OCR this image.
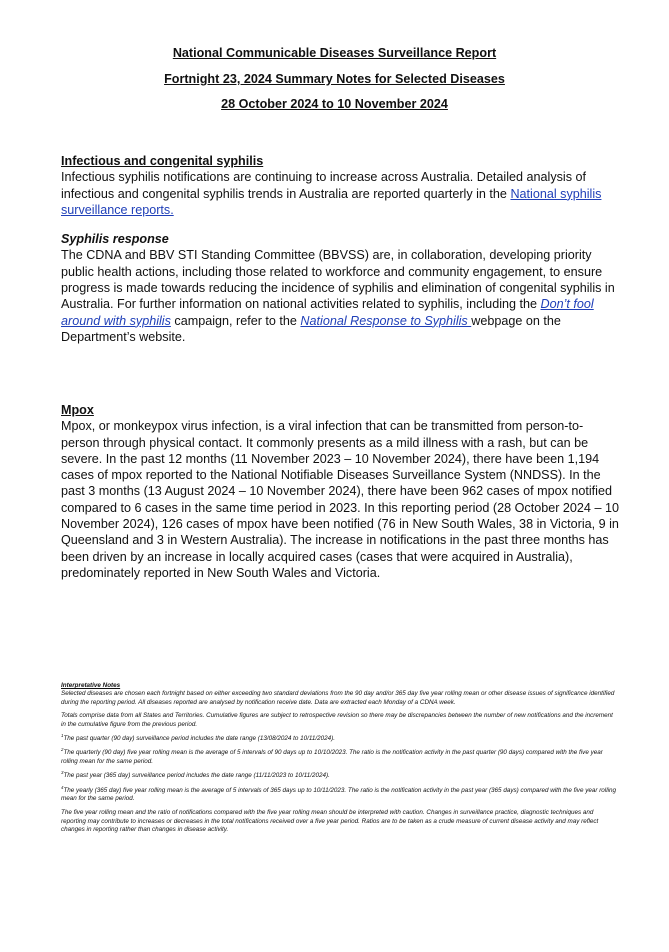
National Communicable Diseases Surveillance Report
Fortnight 23, 2024 Summary Notes for Selected Diseases
28 October 2024 to 10 November 2024
Infectious and congenital syphilis

Infectious syphilis notifications are continuing to increase across Australia. Detailed analysis of infectious and congenital syphilis trends in Australia are reported quarterly in the National syphilis surveillance reports.

Syphilis response

The CDNA and BBV STI Standing Committee (BBVSS) are, in collaboration, developing priority public health actions, including those related to workforce and community engagement, to ensure progress is made towards reducing the incidence of syphilis and elimination of congenital syphilis in Australia. For further information on national activities related to syphilis, including the Don’t fool around with syphilis campaign, refer to the National Response to Syphilis webpage on the Department’s website.

Mpox

Mpox, or monkeypox virus infection, is a viral infection that can be transmitted from person-to-person through physical contact. It commonly presents as a mild illness with a rash, but can be severe. In the past 12 months (11 November 2023 – 10 November 2024), there have been 1,194 cases of mpox reported to the National Notifiable Diseases Surveillance System (NNDSS). In the past 3 months (13 August 2024 – 10 November 2024), there have been 962 cases of mpox notified compared to 6 cases in the same time period in 2023. In this reporting period (28 October 2024 – 10 November 2024), 126 cases of mpox have been notified (76 in New South Wales, 38 in Victoria, 9 in Queensland and 3 in Western Australia). The increase in notifications in the past three months has been driven by an increase in locally acquired cases (cases that were acquired in Australia), predominately reported in New South Wales and Victoria.

Interpretative Notes

Selected diseases are chosen each fortnight based on either exceeding two standard deviations from the 90 day and/or 365 day five year rolling mean or other disease issues of significance identified during the reporting period. All diseases reported are analysed by notification receive date. Data are extracted each Monday of a CDNA week.

Totals comprise data from all States and Territories. Cumulative figures are subject to retrospective revision so there may be discrepancies between the number of new notifications and the increment in the cumulative figure from the previous period.

$^1$The past quarter (90 day) surveillance period includes the date range (13/08/2024 to 10/11/2024).

$^2$The quarterly (90 day) five year rolling mean is the average of 5 intervals of 90 days up to 10/10/2023. The ratio is the notification activity in the past quarter (90 days) compared with the five year rolling mean for the same period.

$^3$The past year (365 day) surveillance period includes the date range (11/11/2023 to 10/11/2024).

$^4$The yearly (365 day) five year rolling mean is the average of 5 intervals of 365 days up to 10/11/2023. The ratio is the notification activity in the past year (365 days) compared with the five year rolling mean for the same period.

The five year rolling mean and the ratio of notifications compared with the five year rolling mean should be interpreted with caution. Changes in surveillance practice, diagnostic techniques and reporting may contribute to increases or decreases in the total notifications received over a five year period. Ratios are to be taken as a crude measure of current disease activity and may reflect changes in reporting rather than changes in disease activity.
